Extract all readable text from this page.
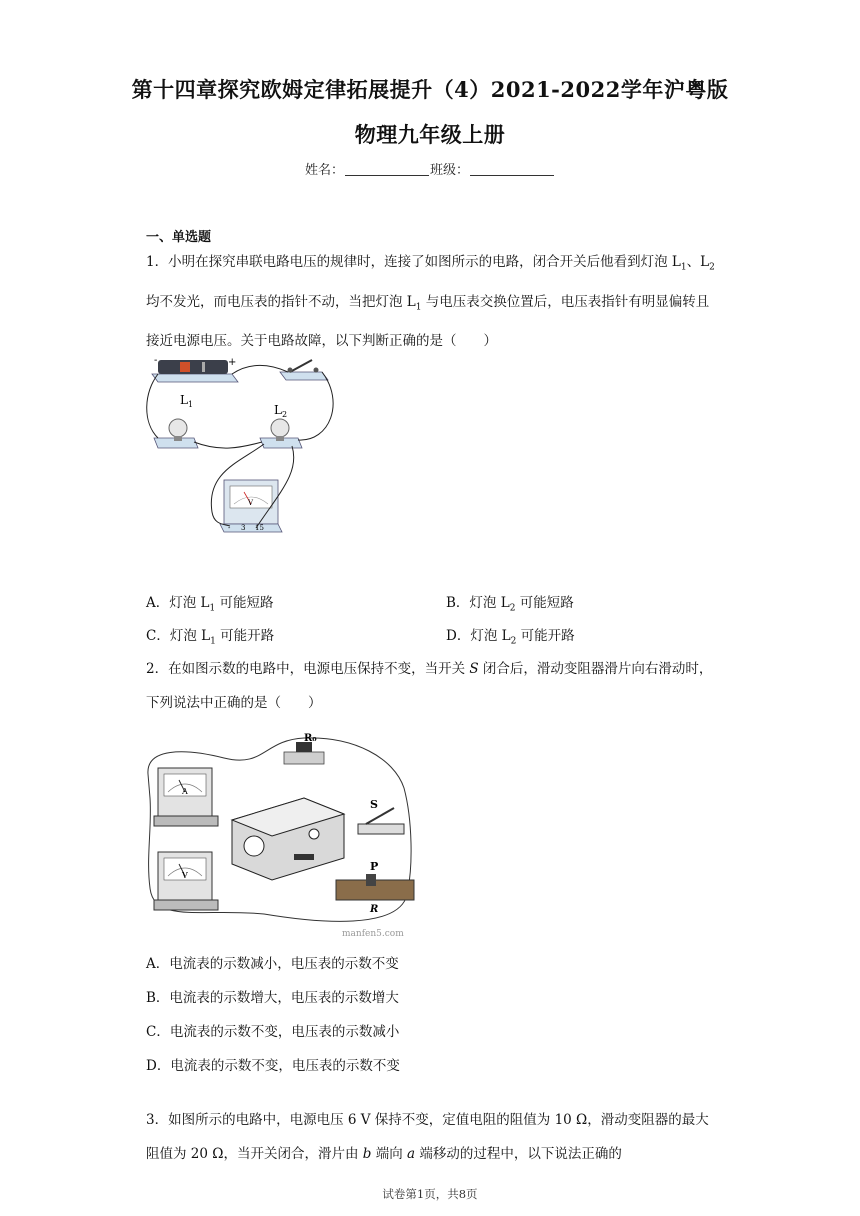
第十四章探究欧姆定律拓展提升（4）2021-2022学年沪粤版
物理九年级上册
姓名：	班级：
一、单选题
1．小明在探究串联电路电压的规律时，连接了如图所示的电路，闭合开关后他看到灯泡 $L_1$、$L_2$ 均不发光，而电压表的指针不动，当把灯泡 $L_1$ 与电压表交换位置后，电压表指针有明显偏转且接近电源电压。关于电路故障，以下判断正确的是（　　）
-	+
$L_1$	$L_2$
V
- 3 15
A．灯泡 $L_1$ 可能短路	B．灯泡 $L_2$ 可能短路
C．灯泡 $L_1$ 可能开路	D．灯泡 $L_2$ 可能开路
2．在如图示数的电路中，电源电压保持不变，当开关 S 闭合后，滑动变阻器滑片向右滑动时，下列说法中正确的是（　　）
R₀
A
V
S
P
R
manfen5.com
A．电流表的示数减小，电压表的示数不变
B．电流表的示数增大，电压表的示数增大
C．电流表的示数不变，电压表的示数减小
D．电流表的示数不变，电压表的示数不变
3．如图所示的电路中，电源电压 6 V 保持不变，定值电阻的阻值为 10 Ω，滑动变阻器的最大阻值为 20 Ω，当开关闭合，滑片由 b 端向 a 端移动的过程中，以下说法正确的
试卷第1页，共8页
